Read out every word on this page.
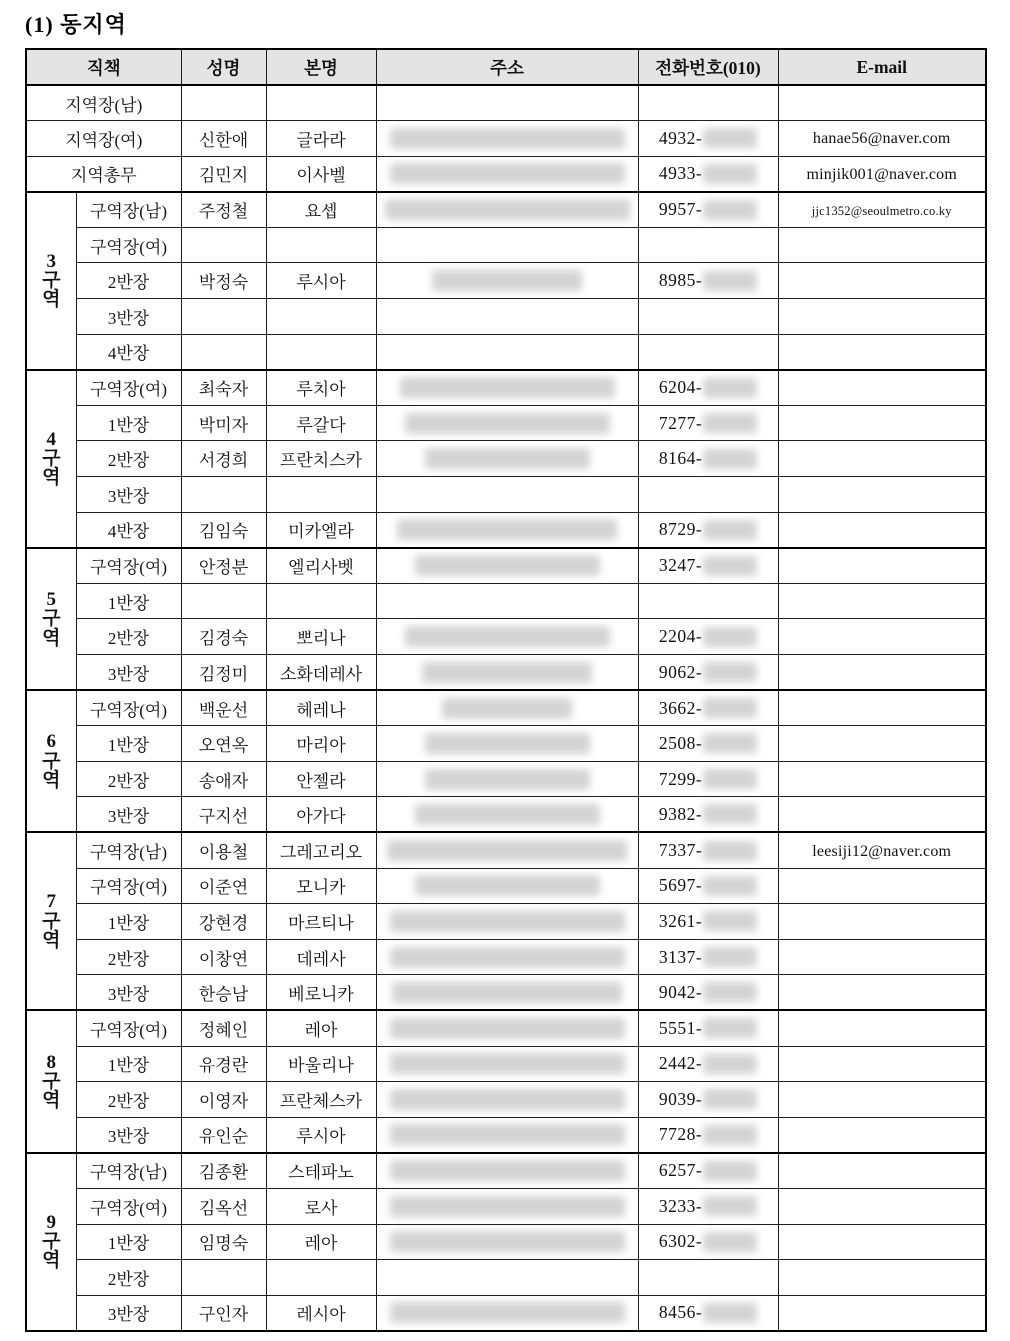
(1) 동지역
직책		성명	본명	주소	전화번호(010)	E-mail
지역장(남)						
지역장(여)		신한애	글라라		4932-	hanae56@naver.com
지역총무		김민지	이사벨		4933-	minjik001@naver.com

3
구
역	구역장(남)	주정철	요셉		9957-	jjc1352@seoulmetro.co.ky
	구역장(여)					
	2반장	박정숙	루시아		8985-	

	3반장					
	4반장					

4
구
역	구역장(여)	최숙자	루치아		6204-	

	1반장	박미자	루갈다		7277-	

	2반장	서경희	프란치스카		8164-	

	3반장					
	4반장	김임숙	미카엘라		8729-	

5
구
역	구역장(여)	안정분	엘리사벳		3247-	

	1반장					
	2반장	김경숙	뽀리나		2204-	

	3반장	김정미	소화데레사		9062-	

6
구
역	구역장(여)	백운선	헤레나		3662-	

	1반장	오연옥	마리아		2508-	

	2반장	송애자	안젤라		7299-	

	3반장	구지선	아가다		9382-	

7
구
역	구역장(남)	이용철	그레고리오		7337-	leesiji12@naver.com
	구역장(여)	이준연	모니카		5697-	

	1반장	강현경	마르티나		3261-	

	2반장	이창연	데레사		3137-	

	3반장	한승남	베로니카		9042-	

8
구
역	구역장(여)	정혜인	레아		5551-	

	1반장	유경란	바울리나		2442-	

	2반장	이영자	프란체스카		9039-	

	3반장	유인순	루시아		7728-	

9
구
역	구역장(남)	김종환	스테파노		6257-	

	구역장(여)	김옥선	로사		3233-	

	1반장	임명숙	레아		6302-	

	2반장					
	3반장	구인자	레시아		8456-	
